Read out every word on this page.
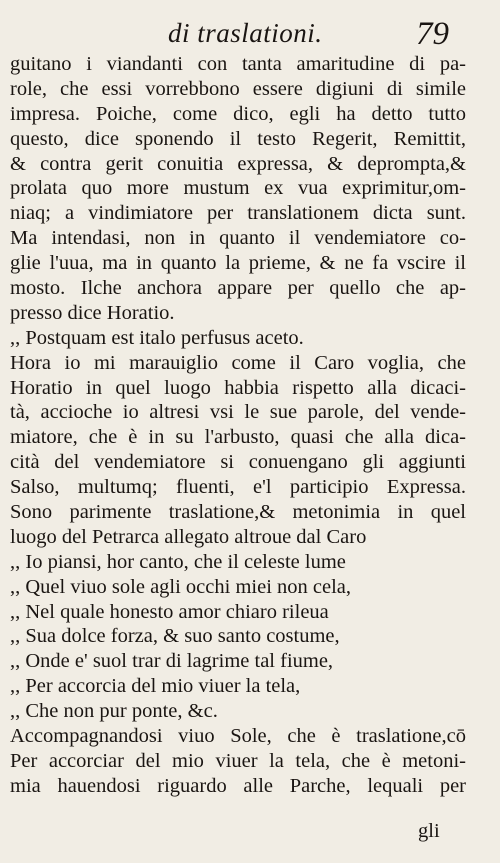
di traslationi.	79
guitano i viandanti con tanta amaritudine di pa-
role, che essi vorrebbono essere digiuni di simile
impresa. Poiche, come dico, egli ha detto tutto
questo, dice sponendo il testo Regerit, Remittit,
& contra gerit conuitia expressa, & deprompta,&
prolata quo more mustum ex vua exprimitur,om-
niaq; a vindimiatore per translationem dicta sunt.
Ma intendasi, non in quanto il vendemiatore co-
glie l'uua, ma in quanto la prieme, & ne fa vscire il
mosto. Ilche anchora appare per quello che ap-
presso dice Horatio.
,, Postquam est italo perfusus aceto.
Hora io mi marauiglio come il Caro voglia, che
Horatio in quel luogo habbia rispetto alla dicaci-
tà, accioche io altresi vsi le sue parole, del vende-
miatore, che è in su l'arbusto, quasi che alla dica-
cità del vendemiatore si conuengano gli aggiunti
Salso, multumq; fluenti, e'l participio Expressa.
Sono parimente traslatione,& metonimia in quel
luogo del Petrarca allegato altroue dal Caro
,, Io piansi, hor canto, che il celeste lume
,, Quel viuo sole agli occhi miei non cela,
,, Nel quale honesto amor chiaro rileua
,, Sua dolce forza, & suo santo costume,
,, Onde e' suol trar di lagrime tal fiume,
,, Per accorcia del mio viuer la tela,
,, Che non pur ponte, &c.
Accompagnandosi viuo Sole, che è traslatione,cō
Per accorciar del mio viuer la tela, che è metoni-
mia hauendosi riguardo alle Parche, lequali per
gli
